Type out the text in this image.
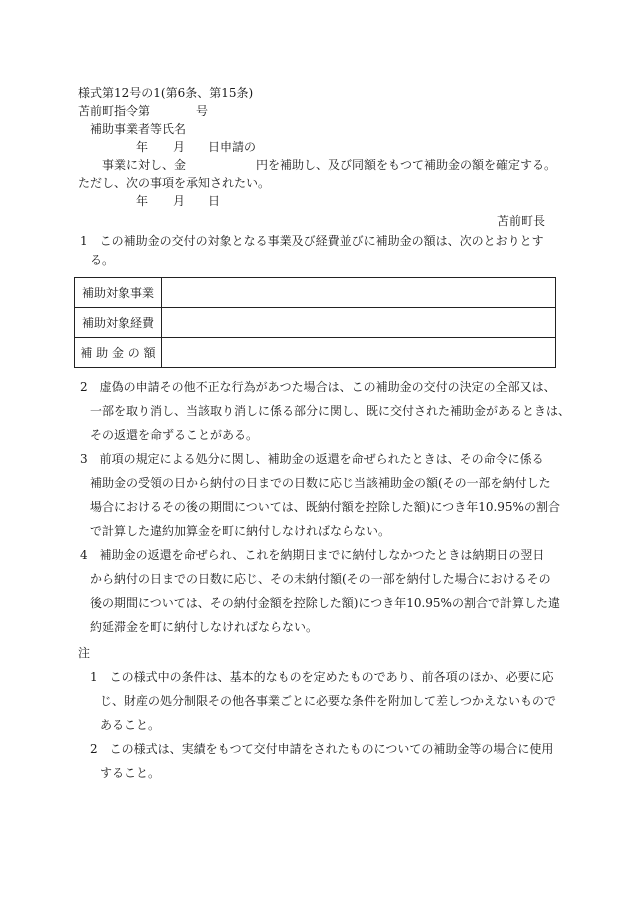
様式第12号の1(第6条、第15条)
苫前町指令第	号
補助事業者等氏名
年 月 日申請の
事業に対し、金	円を補助し、及び同額をもつて補助金の額を確定する。
ただし、次の事項を承知されたい。
年 月 日
苫前町長
1　この補助金の交付の対象となる事業及び経費並びに補助金の額は、次のとおりとす
る。
補助対象事業	
補助対象経費	
補 助 金 の 額	
2　虚偽の申請その他不正な行為があつた場合は、この補助金の交付の決定の全部又は、
一部を取り消し、当該取り消しに係る部分に関し、既に交付された補助金があるときは、
その返還を命ずることがある。
3　前項の規定による処分に関し、補助金の返還を命ぜられたときは、その命令に係る
補助金の受領の日から納付の日までの日数に応じ当該補助金の額(その一部を納付した
場合におけるその後の期間については、既納付額を控除した額)につき年10.95%の割合
で計算した違約加算金を町に納付しなければならない。
4　補助金の返還を命ぜられ、これを納期日までに納付しなかつたときは納期日の翌日
から納付の日までの日数に応じ、その未納付額(その一部を納付した場合におけるその
後の期間については、その納付金額を控除した額)につき年10.95%の割合で計算した違
約延滞金を町に納付しなければならない。
注
1　この様式中の条件は、基本的なものを定めたものであり、前各項のほか、必要に応
じ、財産の処分制限その他各事業ごとに必要な条件を附加して差しつかえないもので
あること。
2　この様式は、実績をもつて交付申請をされたものについての補助金等の場合に使用
すること。
